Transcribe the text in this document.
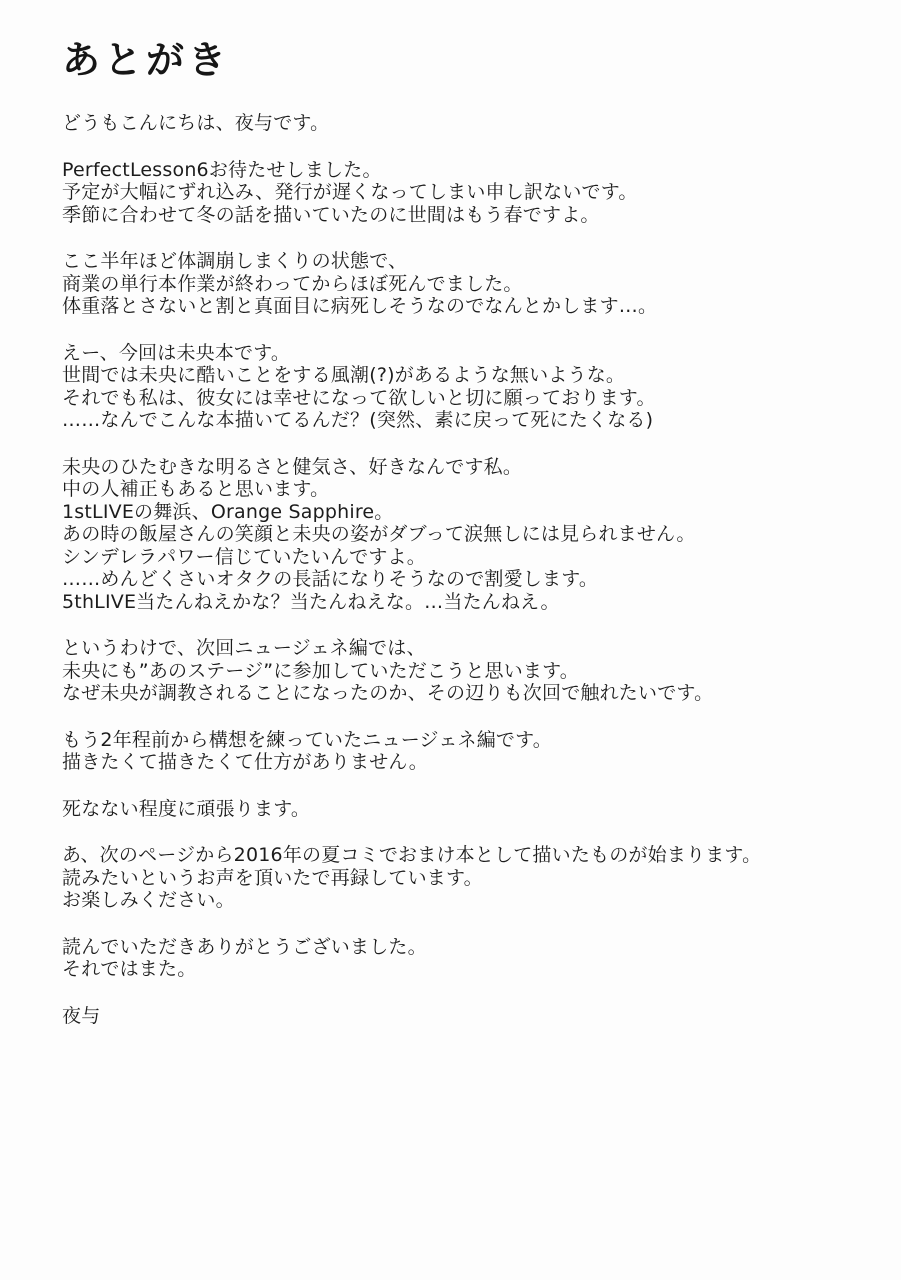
あとがき
どうもこんにちは、夜与です。
PerfectLesson6お待たせしました。
予定が大幅にずれ込み、発行が遅くなってしまい申し訳ないです。
季節に合わせて冬の話を描いていたのに世間はもう春ですよ。
ここ半年ほど体調崩しまくりの状態で、
商業の単行本作業が終わってからほぼ死んでました。
体重落とさないと割と真面目に病死しそうなのでなんとかします…。
えー、今回は未央本です。
世間では未央に酷いことをする風潮(?)があるような無いような。
それでも私は、彼女には幸せになって欲しいと切に願っております。
……なんでこんな本描いてるんだ？(突然、素に戻って死にたくなる)
未央のひたむきな明るさと健気さ、好きなんです私。
中の人補正もあると思います。
1stLIVEの舞浜、Orange Sapphire。
あの時の飯屋さんの笑顔と未央の姿がダブって涙無しには見られません。
シンデレラパワー信じていたいんですよ。
……めんどくさいオタクの長話になりそうなので割愛します。
5thLIVE当たんねえかな？当たんねえな。…当たんねえ。
というわけで、次回ニュージェネ編では、
未央にも”あのステージ”に参加していただこうと思います。
なぜ未央が調教されることになったのか、その辺りも次回で触れたいです。
もう2年程前から構想を練っていたニュージェネ編です。
描きたくて描きたくて仕方がありません。
死なない程度に頑張ります。
あ、次のページから2016年の夏コミでおまけ本として描いたものが始まります。
読みたいというお声を頂いたで再録しています。
お楽しみください。
読んでいただきありがとうございました。
それではまた。
夜与
